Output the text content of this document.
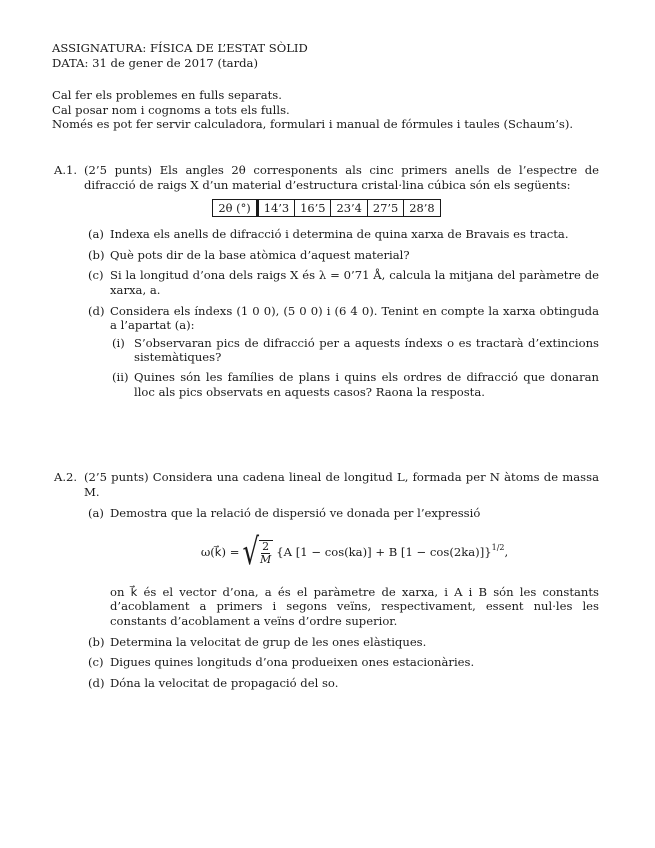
ASSIGNATURA: FÍSICA DE L’ESTAT SÒLID
DATA: 31 de gener de 2017 (tarda)
Cal fer els problemes en fulls separats.
Cal posar nom i cognoms a tots els fulls.
Només es pot fer servir calculadora, formulari i manual de fórmules i taules (Schaum’s).
A.1. (2’5 punts) Els angles 2θ corresponents als cinc primers anells de l’espectre de difracció de raigs X d’un material d’estructura cristal·lina cúbica són els següents:
2θ (°)	14’3	16’5	23’4	27’5	28’8
(a) Indexa els anells de difracció i determina de quina xarxa de Bravais es tracta.
(b) Què pots dir de la base atòmica d’aquest material?
(c) Si la longitud d’ona dels raigs X és λ = 0’71 Å, calcula la mitjana del paràmetre de xarxa, a.
(d) Considera els índexs (1 0 0), (5 0 0) i (6 4 0). Tenint en compte la xarxa obtinguda a l’apartat (a):
(i) S’observaran pics de difracció per a aquests índexs o es tractarà d’extincions sistemàtiques?
(ii) Quines són les famílies de plans i quins els ordres de difracció que donaran lloc als pics observats en aquests casos? Raona la resposta.
A.2. (2’5 punts) Considera una cadena lineal de longitud L, formada per N àtoms de massa M.
(a) Demostra que la relació de dispersió ve donada per l’expressió
ω(k⃗) = √ $\frac{2}{M} \{A$ [1 − cos(ka)] + B [1 − cos(2ka)]}$^{1/2}$ ,
on k⃗ és el vector d’ona, a és el paràmetre de xarxa, i A i B són les constants d’acoblament a primers i segons veïns, respectivament, essent nul·les les constants d’acoblament a veïns d’ordre superior.
(b) Determina la velocitat de grup de les ones elàstiques.
(c) Digues quines longituds d’ona produeixen ones estacionàries.
(d) Dóna la velocitat de propagació del so.
